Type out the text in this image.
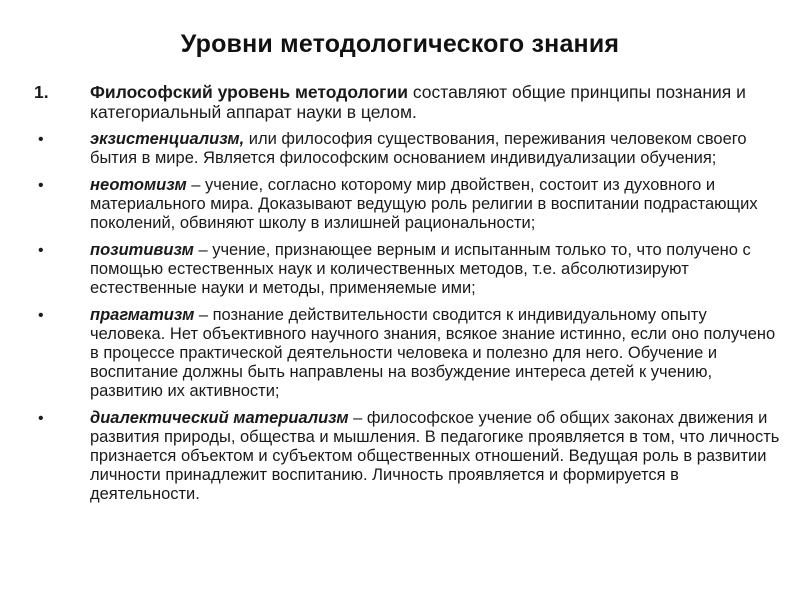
Уровни методологического знания
1. Философский уровень методологии составляют общие принципы познания и категориальный аппарат науки в целом.
•	экзистенциализм, или философия существования, переживания человеком своего бытия в мире. Является философским основанием индивидуализации обучения;
•	неотомизм – учение, согласно которому мир двойствен, состоит из духовного и материального мира. Доказывают ведущую роль религии в воспитании подрастающих поколений, обвиняют школу в излишней рациональности;
•	позитивизм – учение, признающее верным и испытанным только то, что получено с помощью естественных наук и количественных методов, т.е. абсолютизируют естественные науки и методы, применяемые ими;
•	прагматизм – познание действительности сводится к индивидуальному опыту человека. Нет объективного научного знания, всякое знание истинно, если оно получено в процессе практической деятельности человека и полезно для него. Обучение и воспитание должны быть направлены на возбуждение интереса детей к учению, развитию их активности;
•	диалектический материализм – философское учение об общих законах движения и развития природы, общества и мышления. В педагогике проявляется в том, что личность признается объектом и субъектом общественных отношений. Ведущая роль в развитии личности принадлежит воспитанию. Личность проявляется и формируется в деятельности.
